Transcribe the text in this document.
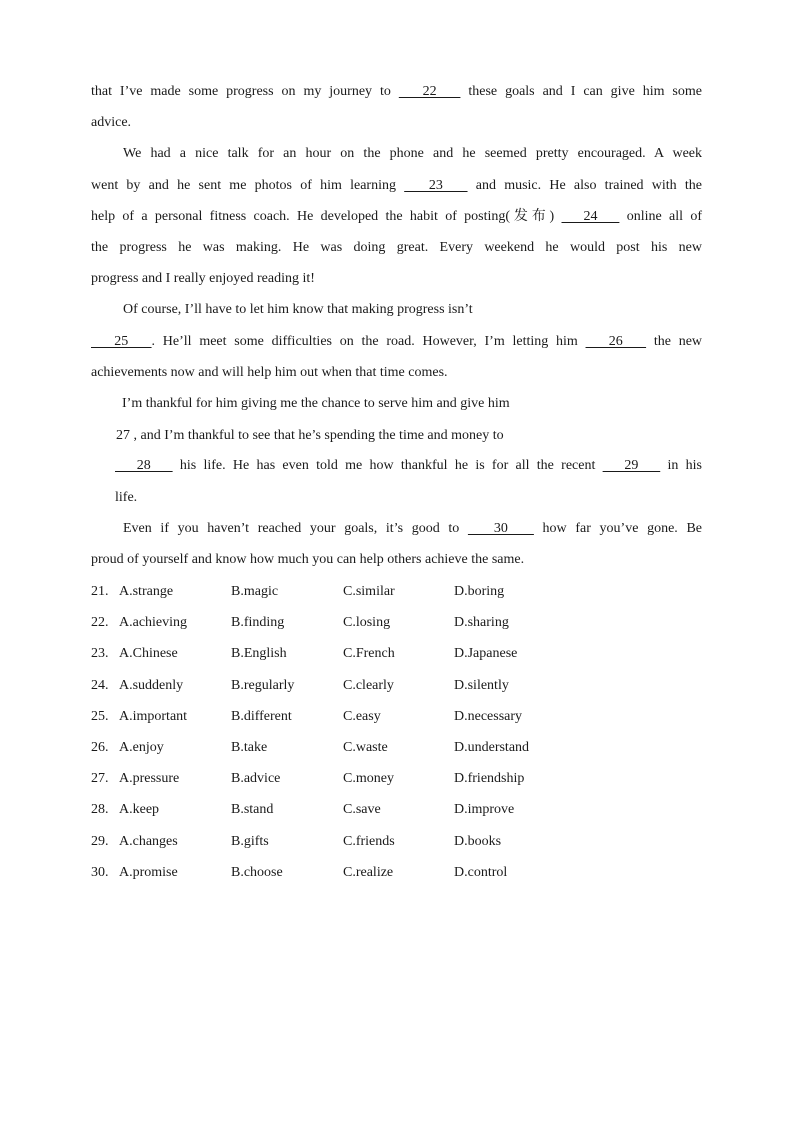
that I’ve made some progress on my journey to    22    these goals and I can give him some
advice.
We had a nice talk for an hour on the phone and he seemed pretty encouraged. A week
went by and he sent me photos of him learning    23    and music. He also trained with the
help of a personal fitness coach. He developed the habit of posting(发布)    24    online all of
the progress he was making. He was doing great. Every weekend he would post his new
progress and I really enjoyed reading it!
Of course, I’ll have to let him know that making progress isn’t
25   . He’ll meet some difficulties on the road. However, I’m letting him    26    the new
achievements now and will help him out when that time comes.
I’m thankful for him giving me the chance to serve him and give him
27 , and I’m thankful to see that he’s spending the time and money to
28    his life. He has even told me how thankful he is for all the recent    29    in his
life.
Even if you haven’t reached your goals, it’s good to    30    how far you’ve gone. Be
proud of yourself and know how much you can help others achieve the same.
21. A.strange	B.magic	C.similar	D.boring
22. A.achieving	B.finding	C.losing	D.sharing
23. A.Chinese	B.English	C.French	D.Japanese
24. A.suddenly	B.regularly	C.clearly	D.silently
25. A.important	B.different	C.easy	D.necessary
26. A.enjoy	B.take	C.waste	D.understand
27. A.pressure	B.advice	C.money	D.friendship
28. A.keep	B.stand	C.save	D.improve
29. A.changes	B.gifts	C.friends	D.books
30. A.promise	B.choose	C.realize	D.control
